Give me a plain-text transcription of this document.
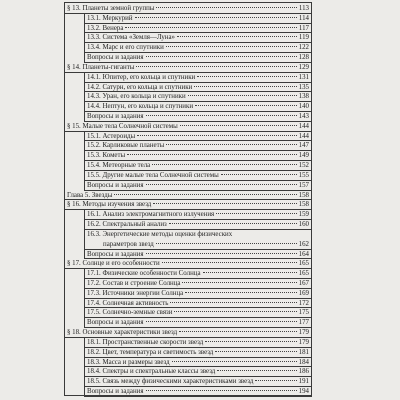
§ 13. Планеты земной группы	113
13.1. Меркурий	114
13.2. Венера	117
13.3. Система «Земля—Луна»	119
13.4. Марс и его спутники	122
Вопросы и задания	128
§ 14. Планеты-гиганты	129
14.1. Юпитер, его кольца и спутники	131
14.2. Сатурн, его кольца и спутники	135
14.3. Уран, его кольца и спутники	138
14.4. Нептун, его кольца и спутники	140
Вопросы и задания	143
§ 15. Малые тела Солнечной системы	144
15.1. Астероиды	144
15.2. Карликовые планеты	147
15.3. Кометы	149
15.4. Метеорные тела	152
15.5. Другие малые тела Солнечной системы	155
Вопросы и задания	157
Глава 5. Звезды	158
§ 16. Методы изучения звезд	158
16.1. Анализ электромагнитного излучения	159
16.2. Спектральный анализ	160
16.3. Энергетические методы оценки физических
параметров звезд	162
Вопросы и задания	164
§ 17. Солнце и его особенности	165
17.1. Физические особенности Солнца	165
17.2. Состав и строение Солнца	167
17.3. Источники энергии Солнца	169
17.4. Солнечная активность	172
17.5. Солнечно-земные связи	175
Вопросы и задания	177
§ 18. Основные характеристики звезд	179
18.1. Пространственные скорости звезд	179
18.2. Цвет, температура и светимость звезд	181
18.3. Масса и размеры звезд	184
18.4. Спектры и спектральные классы звезд	186
18.5. Связь между физическими характеристиками звезд	191
Вопросы и задания	194
